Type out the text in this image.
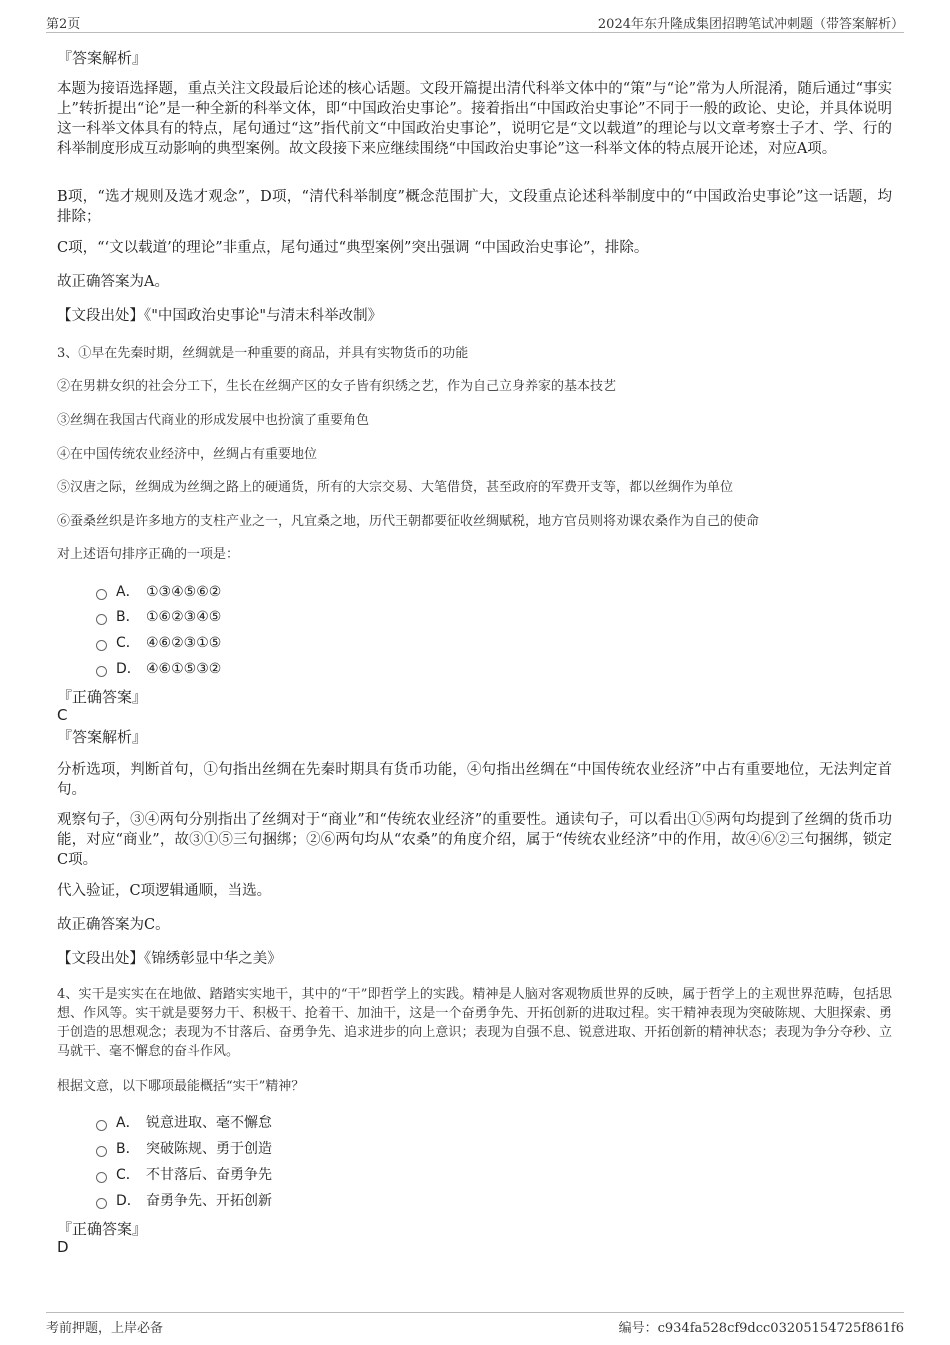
第2页	2024年东升隆成集团招聘笔试冲刺题（带答案解析）
『答案解析』
本题为接语选择题，重点关注文段最后论述的核心话题。文段开篇提出清代科举文体中的“策”与“论”常为人所混淆，随后通过“事实上”转折提出“论”是一种全新的科举文体，即“中国政治史事论”。接着指出“中国政治史事论”不同于一般的政论、史论，并具体说明这一科举文体具有的特点，尾句通过“这”指代前文“中国政治史事论”，说明它是“文以载道”的理论与以文章考察士子才、学、行的科举制度形成互动影响的典型案例。故文段接下来应继续围绕“中国政治史事论”这一科举文体的特点展开论述，对应A项。
B项，“选才规则及选才观念”，D项，“清代科举制度”概念范围扩大，文段重点论述科举制度中的“中国政治史事论”这一话题，均排除；
C项，“‘文以载道’的理论”非重点，尾句通过“典型案例”突出强调 “中国政治史事论”，排除。
故正确答案为A。
【文段出处】《"中国政治史事论"与清末科举改制》
3、①早在先秦时期，丝绸就是一种重要的商品，并具有实物货币的功能
②在男耕女织的社会分工下，生长在丝绸产区的女子皆有织绣之艺，作为自己立身养家的基本技艺
③丝绸在我国古代商业的形成发展中也扮演了重要角色
④在中国传统农业经济中，丝绸占有重要地位
⑤汉唐之际，丝绸成为丝绸之路上的硬通货，所有的大宗交易、大笔借贷，甚至政府的军费开支等，都以丝绸作为单位
⑥蚕桑丝织是许多地方的支柱产业之一，凡宜桑之地，历代王朝都要征收丝绸赋税，地方官员则将劝课农桑作为自己的使命
对上述语句排序正确的一项是：
A． ①③④⑤⑥②
B． ①⑥②③④⑤
C． ④⑥②③①⑤
D． ④⑥①⑤③②
『正确答案』
C
『答案解析』
分析选项，判断首句，①句指出丝绸在先秦时期具有货币功能，④句指出丝绸在“中国传统农业经济”中占有重要地位，无法判定首句。
观察句子，③④两句分别指出了丝绸对于“商业”和“传统农业经济”的重要性。通读句子，可以看出①⑤两句均提到了丝绸的货币功能，对应“商业”，故③①⑤三句捆绑；②⑥两句均从“农桑”的角度介绍，属于“传统农业经济”中的作用，故④⑥②三句捆绑，锁定C项。
代入验证，C项逻辑通顺，当选。
故正确答案为C。
【文段出处】《锦绣彰显中华之美》
4、实干是实实在在地做、踏踏实实地干，其中的“干”即哲学上的实践。精神是人脑对客观物质世界的反映，属于哲学上的主观世界范畴，包括思想、作风等。实干就是要努力干、积极干、抢着干、加油干，这是一个奋勇争先、开拓创新的进取过程。实干精神表现为突破陈规、大胆探索、勇于创造的思想观念；表现为不甘落后、奋勇争先、追求进步的向上意识；表现为自强不息、锐意进取、开拓创新的精神状态；表现为争分夺秒、立马就干、毫不懈怠的奋斗作风。
根据文意，以下哪项最能概括“实干”精神？
A． 锐意进取、毫不懈怠
B． 突破陈规、勇于创造
C． 不甘落后、奋勇争先
D． 奋勇争先、开拓创新
『正确答案』
D
考前押题，上岸必备	编号：c934fa528cf9dcc03205154725f861f6
